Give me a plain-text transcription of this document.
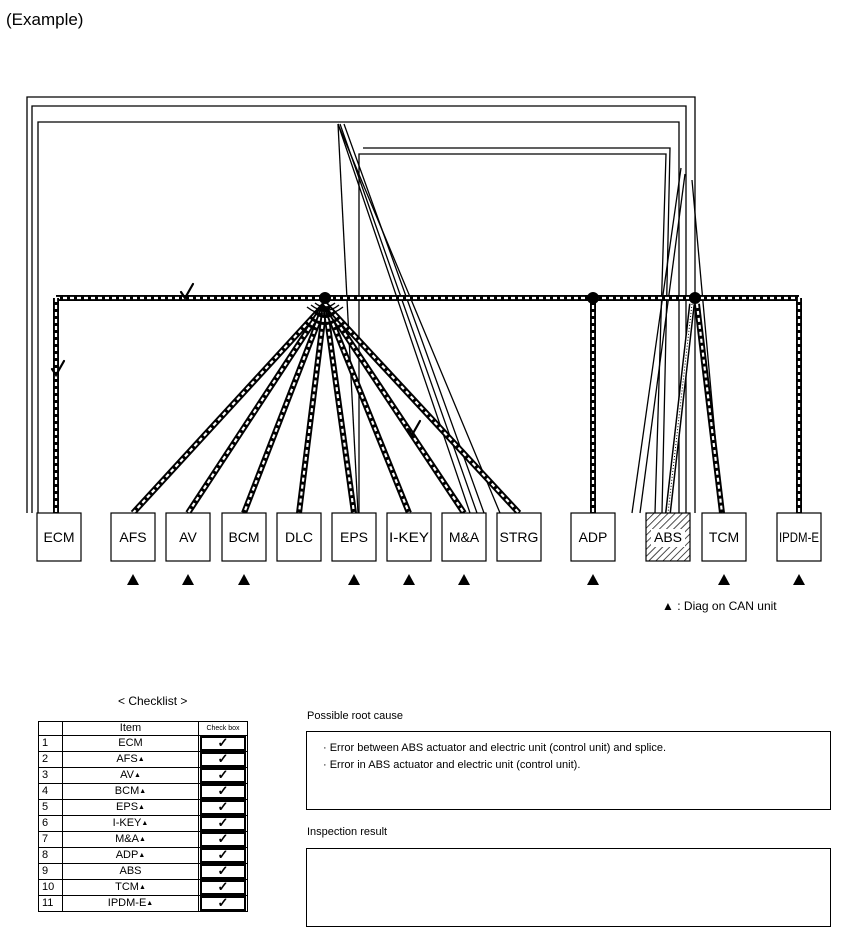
(Example)
ECM	AFS AV BCM DLC EPS I-KEY M&A STRG	ADP	ABS TCM	IPDM-E
▲ : Diag on CAN unit
< Checklist >
	Item	Check box
1	ECM	✓

2	AFS▲	✓

3	AV▲	✓

4	BCM▲	✓

5	EPS▲	✓

6	I-KEY▲	✓

7	M&A▲	✓

8	ADP▲	✓

9	ABS	✓

10	TCM▲	✓

11	IPDM-E▲	✓
Possible root cause

· Error between ABS actuator and electric unit (control unit) and splice.

· Error in ABS actuator and electric unit (control unit).

Inspection result
